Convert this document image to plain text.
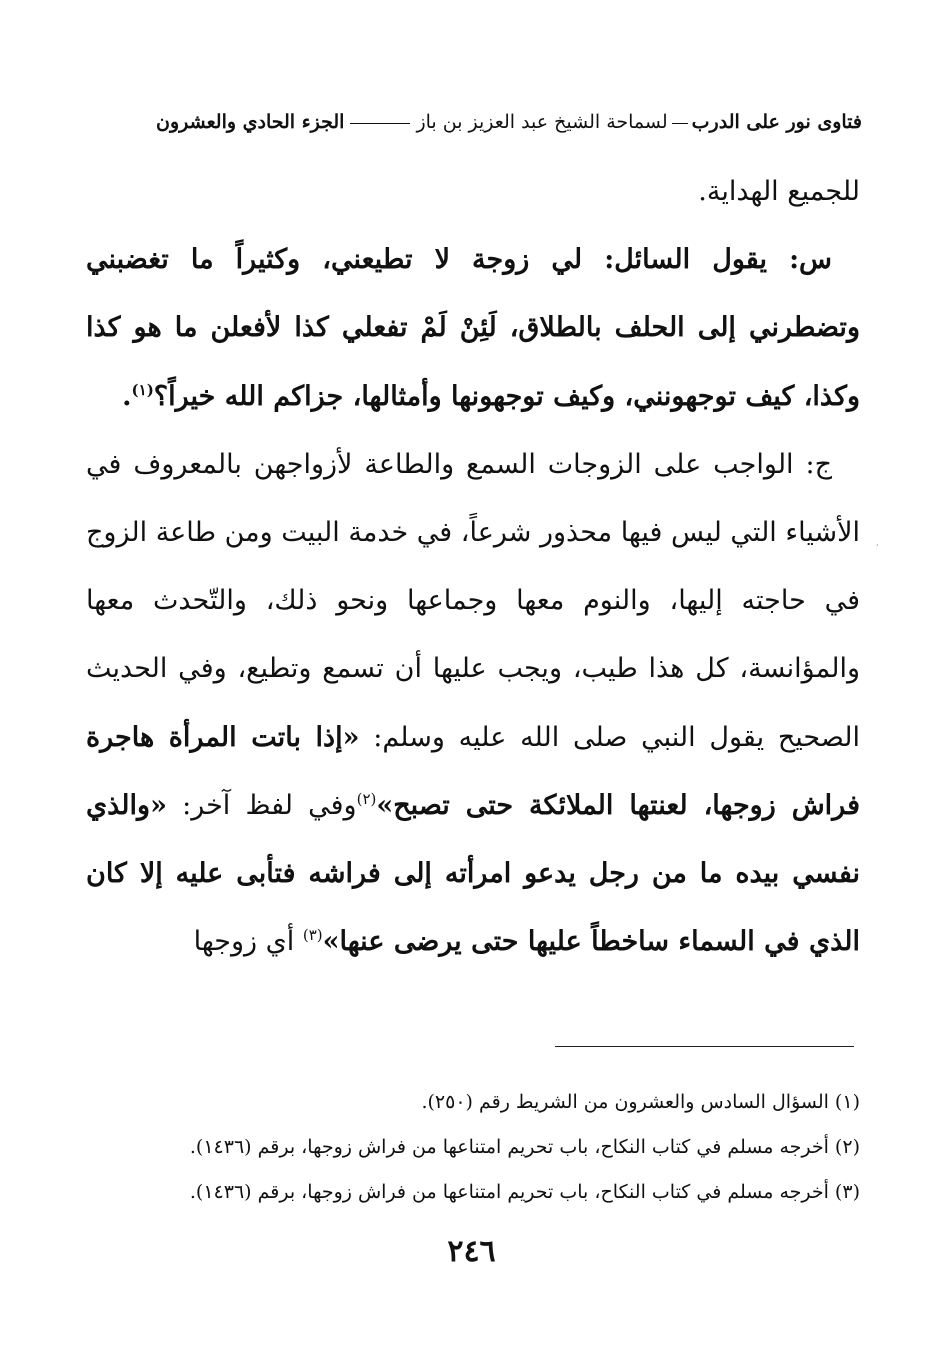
فتاوى نور على الدربلسماحة الشيخ عبد العزيز بن بازالجزء الحادي والعشرون

للجميع الهداية.

س: يقول السائل: لي زوجة لا تطيعني، وكثيراً ما تغضبني وتضطرني إلى الحلف بالطلاق، لَئِنْ لَمْ تفعلي كذا لأفعلن ما هو كذا وكذا، كيف توجهونني، وكيف توجهونها وأمثالها، جزاكم الله خيراً؟$^{(١)}$.

ج: الواجب على الزوجات السمع والطاعة لأزواجهن بالمعروف في الأشياء التي ليس فيها محذور شرعاً، في خدمة البيت ومن طاعة الزوج في حاجته إليها، والنوم معها وجماعها ونحو ذلك، والتّحدث معها والمؤانسة، كل هذا طيب، ويجب عليها أن تسمع وتطيع، وفي الحديث الصحيح يقول النبي صلى الله عليه وسلم: «إذا باتت المرأة هاجرة فراش زوجها، لعنتها الملائكة حتى تصبح»$^{(٢)}$وفي لفظ آخر: «والذي نفسي بيده ما من رجل يدعو امرأته إلى فراشه فتأبى عليه إلا كان الذي في السماء ساخطاً عليها حتى يرضى عنها»$^{(٣)}$ أي زوجها

·
(١) السؤال السادس والعشرون من الشريط رقم (٢٥٠).
(٢) أخرجه مسلم في كتاب النكاح، باب تحريم امتناعها من فراش زوجها، برقم (١٤٣٦).
(٣) أخرجه مسلم في كتاب النكاح، باب تحريم امتناعها من فراش زوجها، برقم (١٤٣٦).
٢٤٦
